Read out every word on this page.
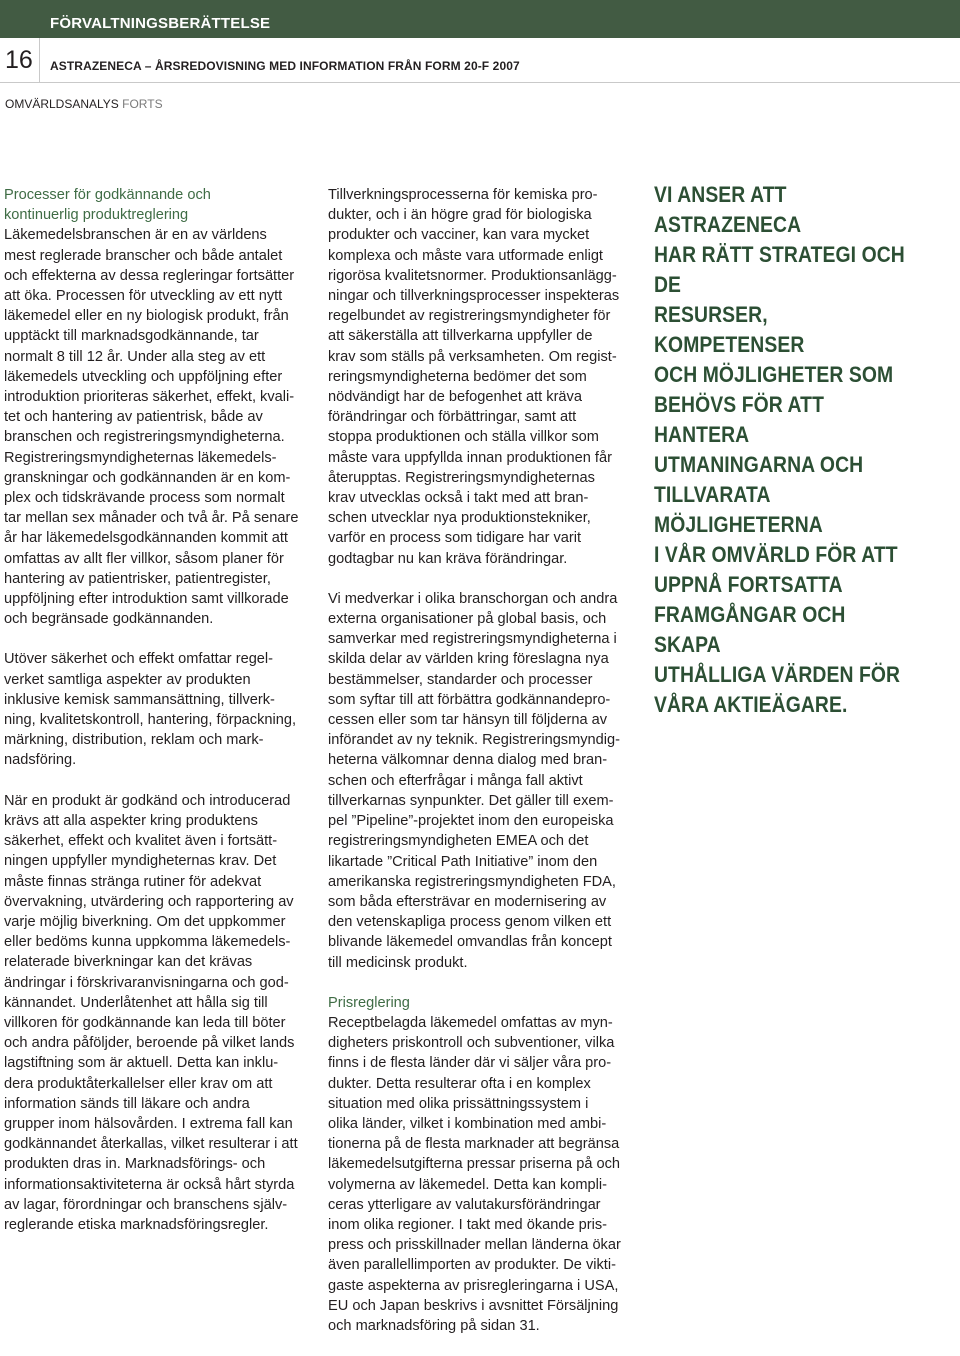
FÖRVALTNINGSBERÄTTELSE
16 ASTRAZENECA – ÅRSREDOVISNING MED INFORMATION FRÅN FORM 20-F 2007
OMVÄRLDSANALYS FORTS

Processer för godkännande och
kontinuerlig produktreglering

Läkemedelsbranschen är en av världens
mest reglerade branscher och både antalet
och effekterna av dessa regleringar fortsätter
att öka. Processen för utveckling av ett nytt
läkemedel eller en ny biologisk produkt, från
upptäckt till marknadsgodkännande, tar
normalt 8 till 12 år. Under alla steg av ett
läkemedels utveckling och uppföljning efter
introduktion prioriteras säkerhet, effekt, kvali-
tet och hantering av patientrisk, både av
branschen och registreringsmyndigheterna.
Registreringsmyndigheternas läkemedels-
granskningar och godkännanden är en kom-
plex och tidskrävande process som normalt
tar mellan sex månader och två år. På senare
år har läkemedelsgodkännanden kommit att
omfattas av allt fler villkor, såsom planer för
hantering av patientrisker, patientregister,
uppföljning efter introduktion samt villkorade
och begränsade godkännanden.

Utöver säkerhet och effekt omfattar regel-
verket samtliga aspekter av produkten
inklusive kemisk sammansättning, tillverk-
ning, kvalitetskontroll, hantering, förpackning,
märkning, distribution, reklam och mark-
nadsföring.

När en produkt är godkänd och introducerad
krävs att alla aspekter kring produktens
säkerhet, effekt och kvalitet även i fortsätt-
ningen uppfyller myndigheternas krav. Det
måste finnas stränga rutiner för adekvat
övervakning, utvärdering och rapportering av
varje möjlig biverkning. Om det uppkommer
eller bedöms kunna uppkomma läkemedels-
relaterade biverkningar kan det krävas
ändringar i förskrivaranvisningarna och god-
kännandet. Underlåtenhet att hålla sig till
villkoren för godkännande kan leda till böter
och andra påföljder, beroende på vilket lands
lagstiftning som är aktuell. Detta kan inklu-
dera produktåterkallelser eller krav om att
information sänds till läkare och andra
grupper inom hälsovården. I extrema fall kan
godkännandet återkallas, vilket resulterar i att
produkten dras in. Marknadsförings- och
informationsaktiviteterna är också hårt styrda
av lagar, förordningar och branschens själv-
reglerande etiska marknadsföringsregler.

Tillverkningsprocesserna för kemiska pro-
dukter, och i än högre grad för biologiska
produkter och vacciner, kan vara mycket
komplexa och måste vara utformade enligt
rigorösa kvalitetsnormer. Produktionsanlägg-
ningar och tillverkningsprocesser inspekteras
regelbundet av registreringsmyndigheter för
att säkerställa att tillverkarna uppfyller de
krav som ställs på verksamheten. Om regist-
reringsmyndigheterna bedömer det som
nödvändigt har de befogenhet att kräva
förändringar och förbättringar, samt att
stoppa produktionen och ställa villkor som
måste vara uppfyllda innan produktionen får
återupptas. Registreringsmyndigheternas
krav utvecklas också i takt med att bran-
schen utvecklar nya produktionstekniker,
varför en process som tidigare har varit
godtagbar nu kan kräva förändringar.

Vi medverkar i olika branschorgan och andra
externa organisationer på global basis, och
samverkar med registreringsmyndigheterna i
skilda delar av världen kring föreslagna nya
bestämmelser, standarder och processer
som syftar till att förbättra godkännandepro-
cessen eller som tar hänsyn till följderna av
införandet av ny teknik. Registreringsmyndig-
heterna välkomnar denna dialog med bran-
schen och efterfrågar i många fall aktivt
tillverkarnas synpunkter. Det gäller till exem-
pel ”Pipeline”-projektet inom den europeiska
registreringsmyndigheten EMEA och det
likartade ”Critical Path Initiative” inom den
amerikanska registreringsmyndigheten FDA,
som båda eftersträvar en modernisering av
den vetenskapliga process genom vilken ett
blivande läkemedel omvandlas från koncept
till medicinsk produkt.

Prisreglering

Receptbelagda läkemedel omfattas av myn-
digheters priskontroll och subventioner, vilka
finns i de flesta länder där vi säljer våra pro-
dukter. Detta resulterar ofta i en komplex
situation med olika prissättningssystem i
olika länder, vilket i kombination med ambi-
tionerna på de flesta marknader att begränsa
läkemedelsutgifterna pressar priserna på och
volymerna av läkemedel. Detta kan kompli-
ceras ytterligare av valutakursförändringar
inom olika regioner. I takt med ökande pris-
press och prisskillnader mellan länderna ökar
även parallellimporten av produkter. De vikti-
gaste aspekterna av prisregleringarna i USA,
EU och Japan beskrivs i avsnittet Försäljning
och marknadsföring på sidan 31.

VI ANSER ATT ASTRAZENECA
HAR RÄTT STRATEGI OCH DE
RESURSER, KOMPETENSER
OCH MÖJLIGHETER SOM
BEHÖVS FÖR ATT HANTERA
UTMANINGARNA OCH
TILLVARATA MÖJLIGHETERNA
I VÅR OMVÄRLD FÖR ATT
UPPNÅ FORTSATTA
FRAMGÅNGAR OCH SKAPA
UTHÅLLIGA VÄRDEN FÖR
VÅRA AKTIEÄGARE.
